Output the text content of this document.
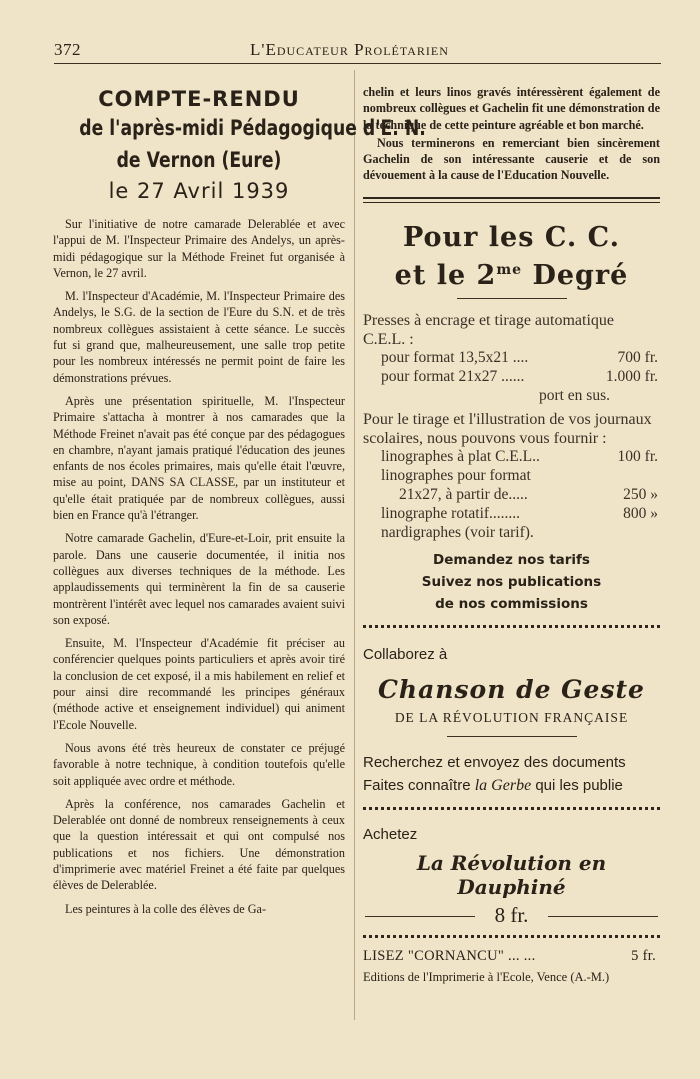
372	L'Educateur Prolétarien
COMPTE-RENDU
de l'après-midi Pédagogique d'E. N.
de Vernon (Eure)
le 27 Avril 1939

Sur l'initiative de notre camarade Delerablée et avec l'appui de M. l'Inspecteur Primaire des Andelys, un après-midi pédagogique sur la Méthode Freinet fut organisée à Vernon, le 27 avril.

M. l'Inspecteur d'Académie, M. l'Inspecteur Primaire des Andelys, le S.G. de la section de l'Eure du S.N. et de très nombreux collègues assistaient à cette séance. Le succès fut si grand que, malheureusement, une salle trop petite pour les nombreux intéressés ne permit point de faire les démonstrations prévues.

Après une présentation spirituelle, M. l'Inspecteur Primaire s'attacha à montrer à nos camarades que la Méthode Freinet n'avait pas été conçue par des pédagogues en chambre, n'ayant jamais pratiqué l'éducation des jeunes enfants de nos écoles primaires, mais qu'elle était l'œuvre, mise au point, DANS SA CLASSE, par un instituteur et qu'elle était pratiquée par de nombreux collègues, aussi bien en France qu'à l'étranger.

Notre camarade Gachelin, d'Eure-et-Loir, prit ensuite la parole. Dans une causerie documentée, il initia nos collègues aux diverses techniques de la méthode. Les applaudissements qui terminèrent la fin de sa causerie montrèrent l'intérêt avec lequel nos camarades avaient suivi son exposé.

Ensuite, M. l'Inspecteur d'Académie fit préciser au conférencier quelques points particuliers et après avoir tiré la conclusion de cet exposé, il a mis habilement en relief et pour ainsi dire recommandé les principes généraux (méthode active et enseignement individuel) qui animent l'Ecole Nouvelle.

Nous avons été très heureux de constater ce préjugé favorable à notre technique, à condition toutefois qu'elle soit appliquée avec ordre et méthode.

Après la conférence, nos camarades Gachelin et Delerablée ont donné de nombreux renseignements à ceux que la question intéressait et qui ont compulsé nos publications et nos fichiers. Une démonstration d'imprimerie avec matériel Freinet a été faite par quelques élèves de Delerablée.

Les peintures à la colle des élèves de Ga-

chelin et leurs linos gravés intéressèrent également de nombreux collègues et Gachelin fit une démonstration de la technique de cette peinture agréable et bon marché.

Nous terminerons en remerciant bien sincèrement Gachelin de son intéressante causerie et de son dévouement à la cause de l'Education Nouvelle.

Pour les C. C.
et le $2^{me}$ Degré
Presses à encrage et tirage automatique C.E.L. :
pour format 13,5x21 ....	700 fr.
pour format 21x27 ......	1.000 fr.
port en sus.
Pour le tirage et l'illustration de vos journaux scolaires, nous pouvons vous fournir :
linographes à plat C.E.L..	100 fr.
linographes pour format
21x27, à partir de.....	250 »
linographe rotatif........	800 »
nardigraphes (voir tarif).
Demandez nos tarifs
Suivez nos publications
de nos commissions
Collaborez à
Chanson de Geste
DE LA RÉVOLUTION FRANÇAISE
Recherchez et envoyez des documents
Faites connaître la Gerbe qui les publie
Achetez
La Révolution en Dauphiné
8 fr.
LISEZ "CORNANCU" ... ...	5 fr.
Editions de l'Imprimerie à l'Ecole, Vence (A.-M.)
